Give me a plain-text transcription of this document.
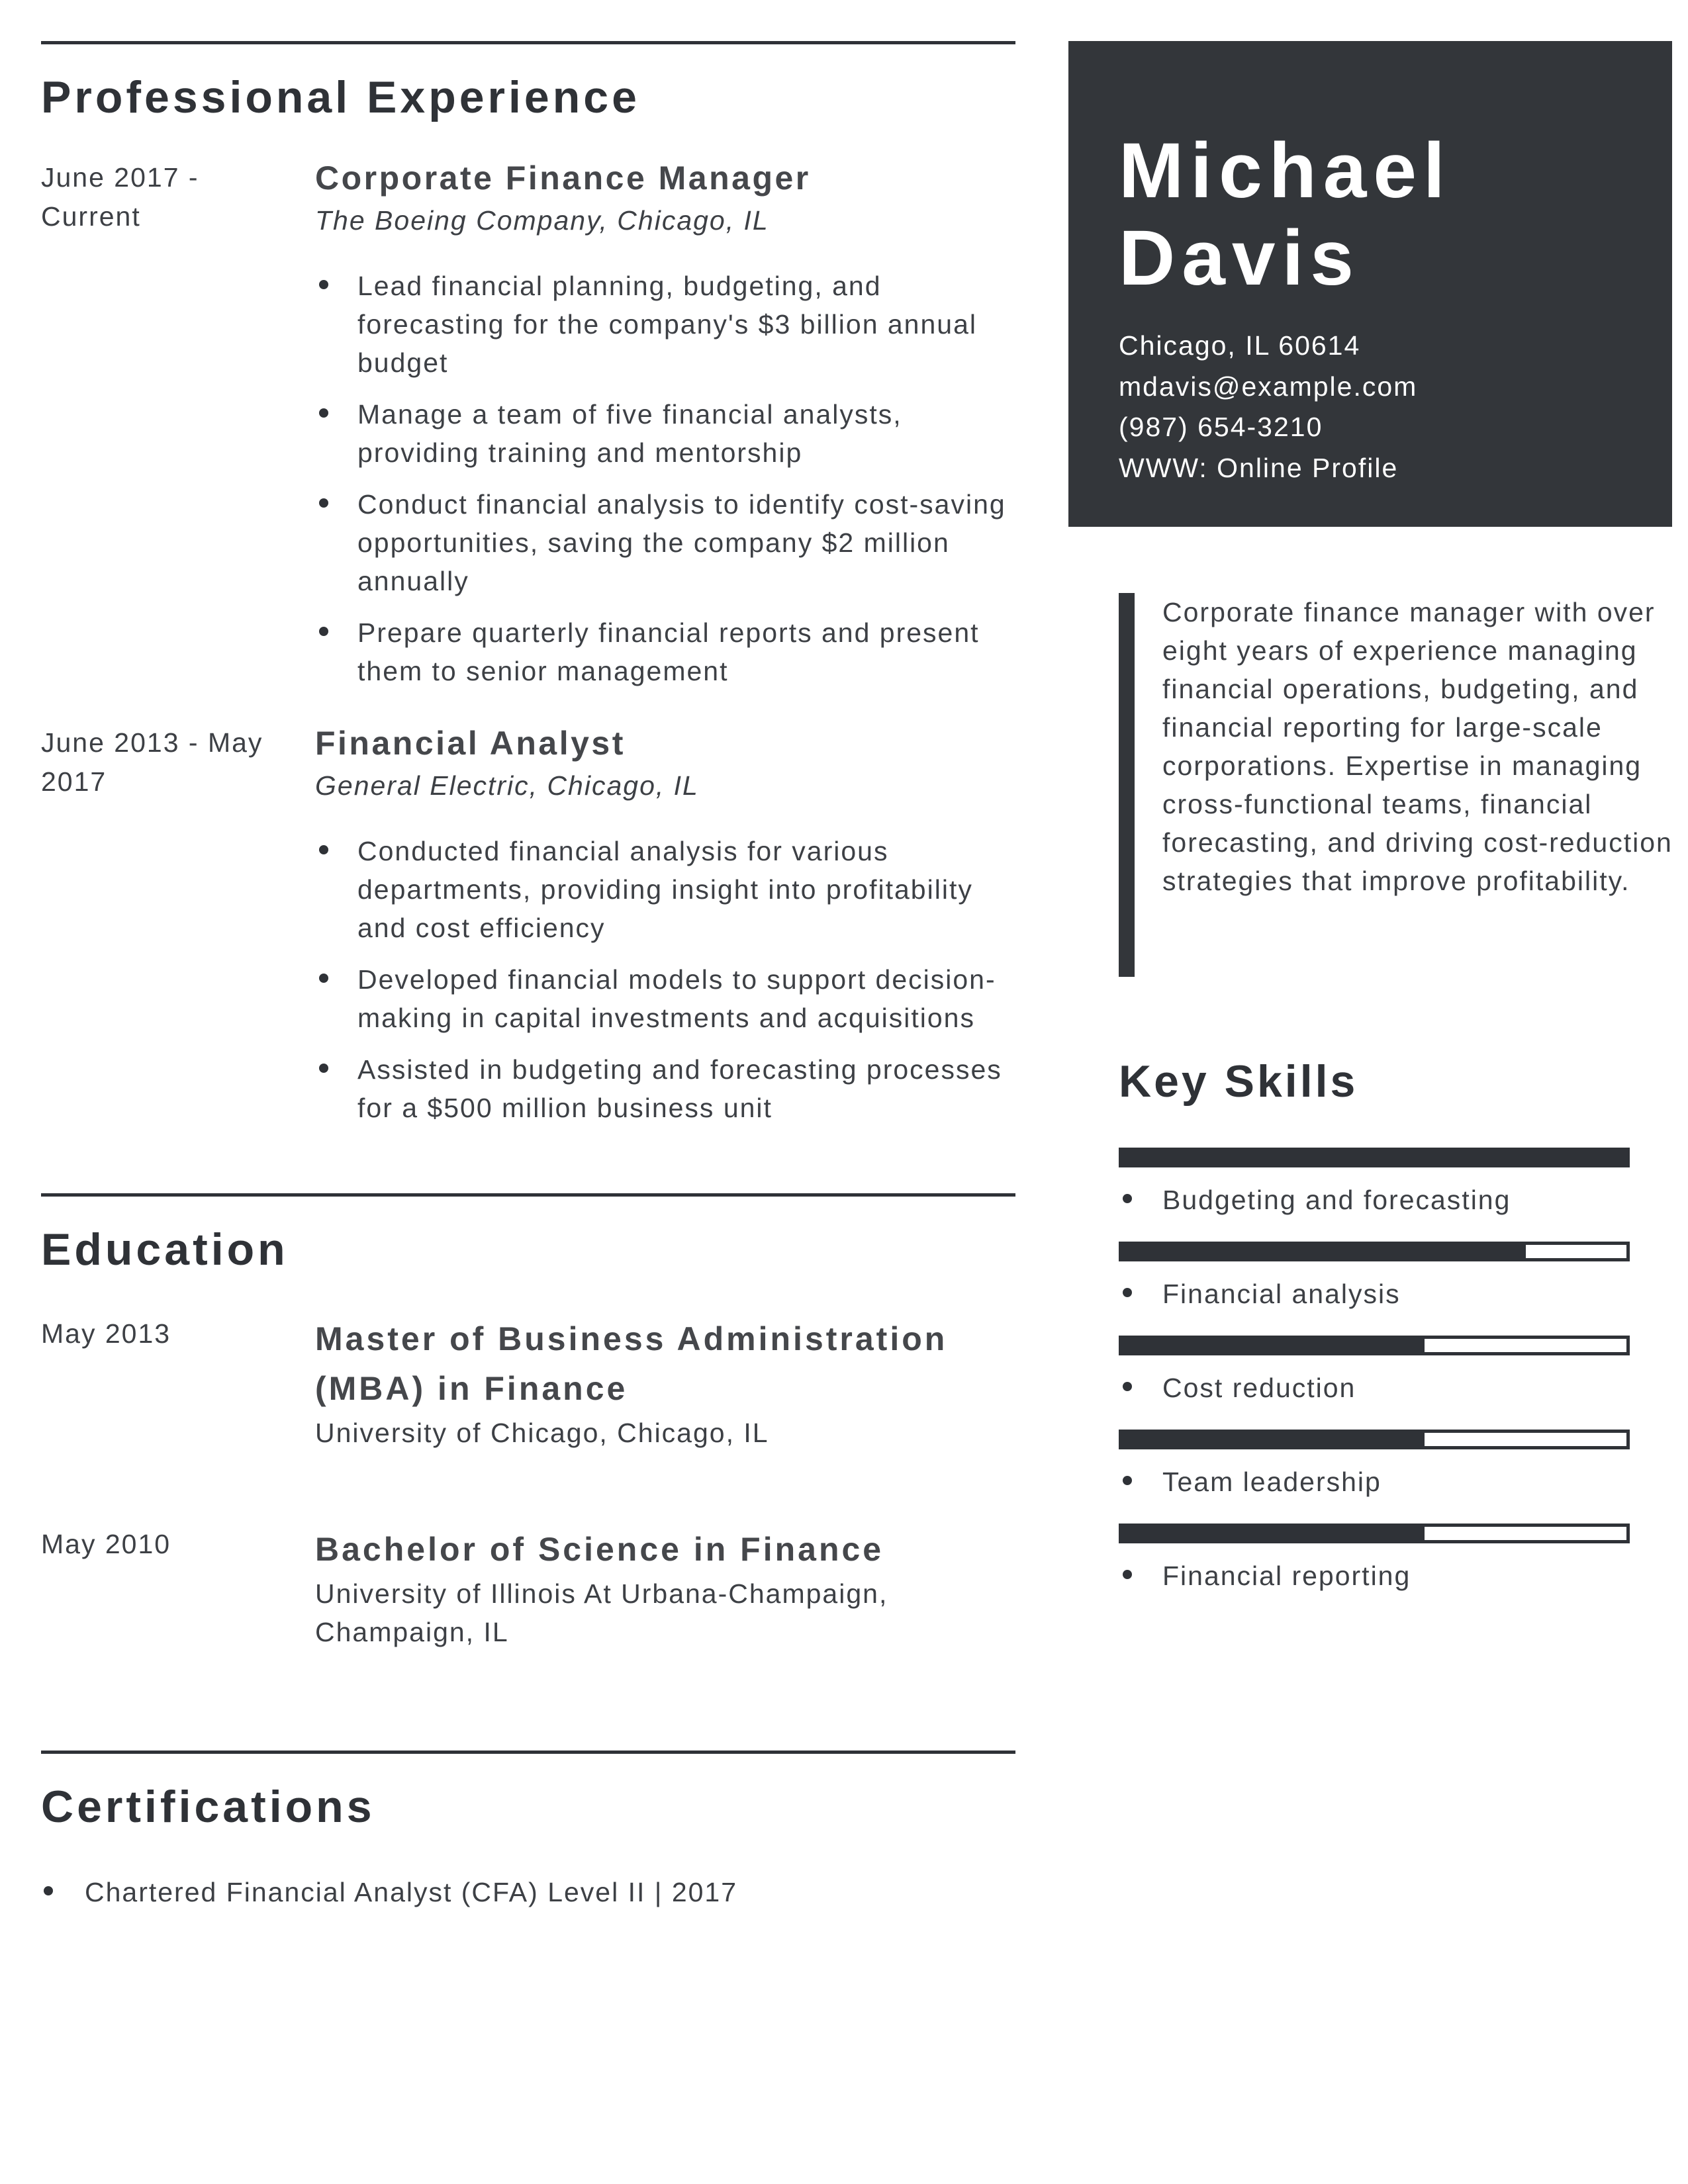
Professional Experience
June 2017 - Current
Corporate Finance Manager
The Boeing Company, Chicago, IL
Lead financial planning, budgeting, and forecasting for the company's $3 billion annual budget
Manage a team of five financial analysts, providing training and mentorship
Conduct financial analysis to identify cost-saving opportunities, saving the company $2 million annually
Prepare quarterly financial reports and present them to senior management
June 2013 - May 2017
Financial Analyst
General Electric, Chicago, IL
Conducted financial analysis for various departments, providing insight into profitability and cost efficiency
Developed financial models to support decision-making in capital investments and acquisitions
Assisted in budgeting and forecasting processes for a $500 million business unit
Education
May 2013	Master of Business Administration (MBA) in Finance
University of Chicago, Chicago, IL
May 2010	Bachelor of Science in Finance
University of Illinois At Urbana-Champaign, Champaign, IL
Certifications
Chartered Financial Analyst (CFA) Level II | 2017
Michael
Davis
Chicago, IL 60614
mdavis@example.com
(987) 654-3210
WWW: Online Profile
Corporate finance manager with over eight years of experience managing financial operations, budgeting, and financial reporting for large-scale corporations. Expertise in managing cross-functional teams, financial forecasting, and driving cost-reduction strategies that improve profitability.
Key Skills
Budgeting and forecasting
Financial analysis
Cost reduction
Team leadership
Financial reporting
